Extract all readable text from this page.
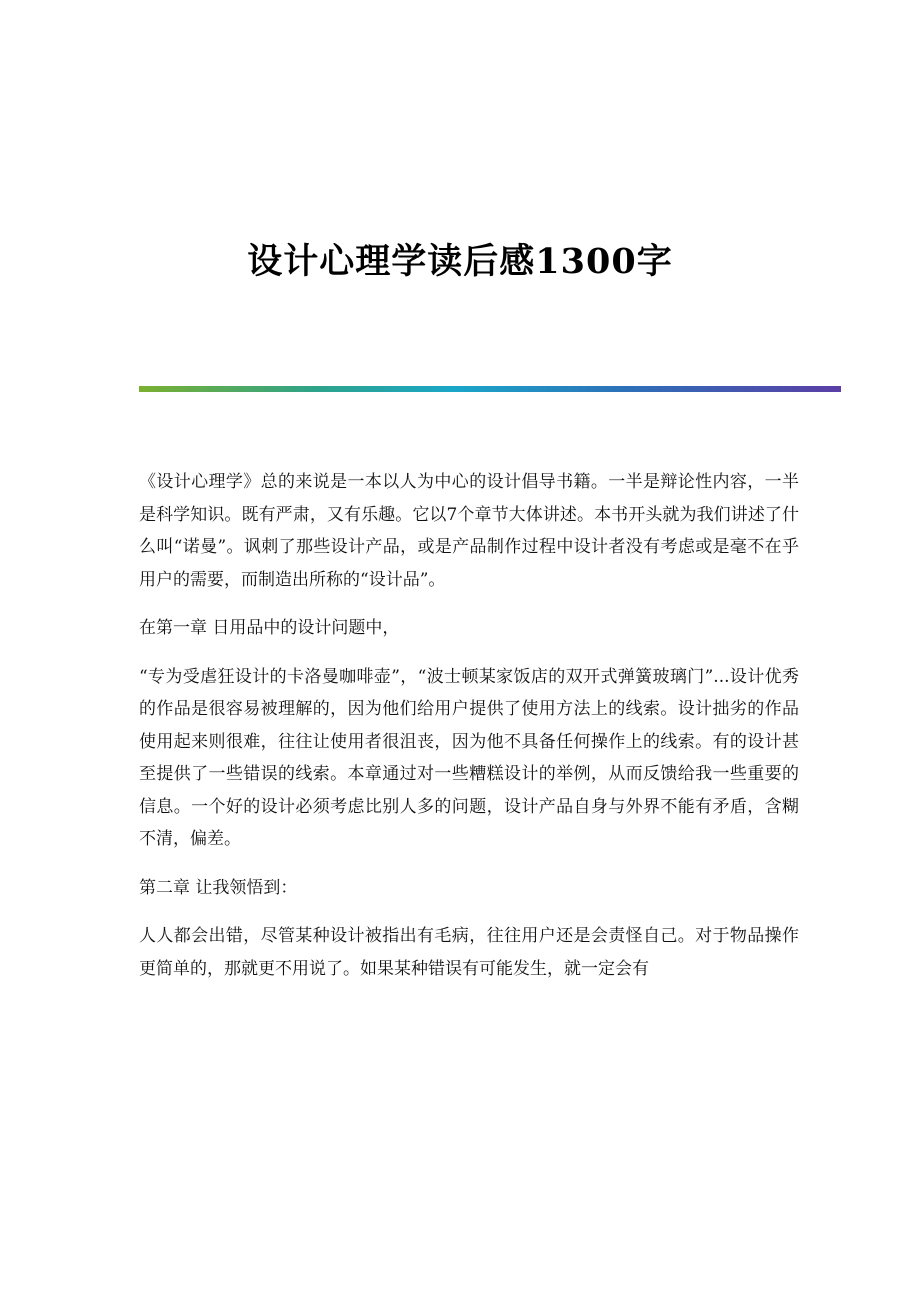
设计心理学读后感1300字

《设计心理学》总的来说是一本以人为中心的设计倡导书籍。一半是辩论性内容，一半是科学知识。既有严肃，又有乐趣。它以7个章节大体讲述。本书开头就为我们讲述了什么叫“诺曼”。讽刺了那些设计产品，或是产品制作过程中设计者没有考虑或是毫不在乎用户的需要，而制造出所称的“设计品”。

在第一章 日用品中的设计问题中，

“专为受虐狂设计的卡洛曼咖啡壶”，“波士顿某家饭店的双开式弹簧玻璃门”...设计优秀的作品是很容易被理解的，因为他们给用户提供了使用方法上的线索。设计拙劣的作品使用起来则很难，往往让使用者很沮丧，因为他不具备任何操作上的线索。有的设计甚至提供了一些错误的线索。本章通过对一些糟糕设计的举例，从而反馈给我一些重要的信息。一个好的设计必须考虑比别人多的问题，设计产品自身与外界不能有矛盾，含糊不清，偏差。

第二章 让我领悟到：

人人都会出错，尽管某种设计被指出有毛病，往往用户还是会责怪自己。对于物品操作更简单的，那就更不用说了。如果某种错误有可能发生，就一定会有
